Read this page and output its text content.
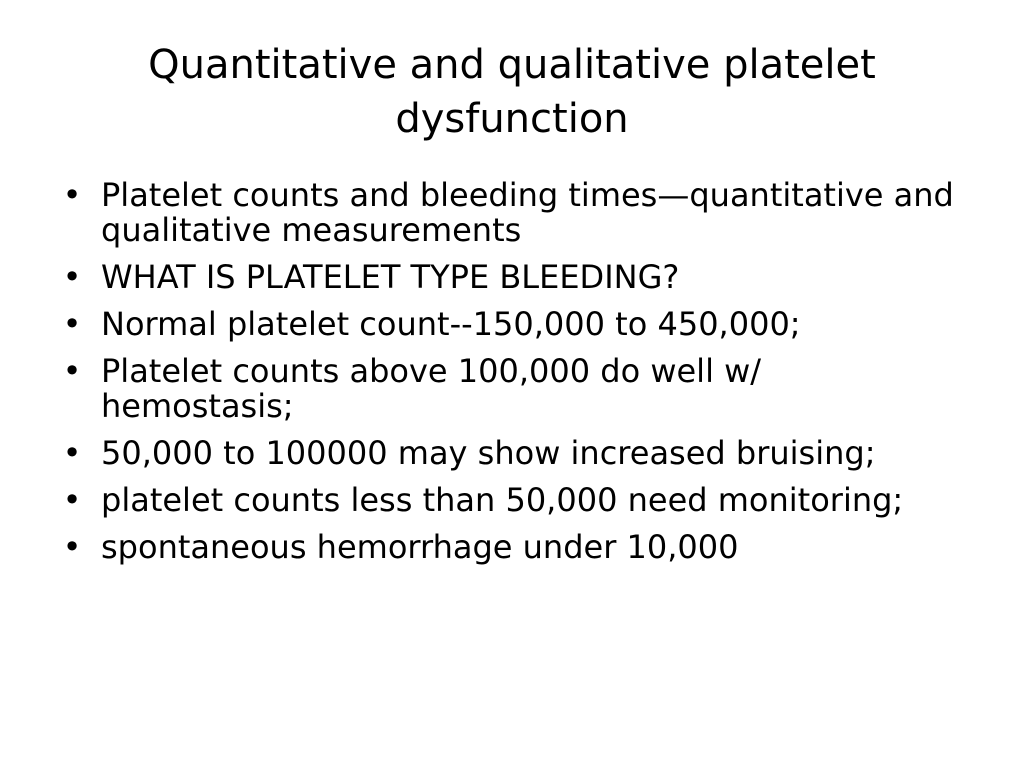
Quantitative and qualitative platelet dysfunction
• Platelet counts and bleeding times—quantitative and qualitative measurements
• WHAT IS PLATELET TYPE BLEEDING?
• Normal platelet count--150,000 to 450,000;
• Platelet counts above 100,000 do well w/ hemostasis;
• 50,000 to 100000 may show increased bruising;
• platelet counts less than 50,000 need monitoring;
• spontaneous hemorrhage under 10,000
